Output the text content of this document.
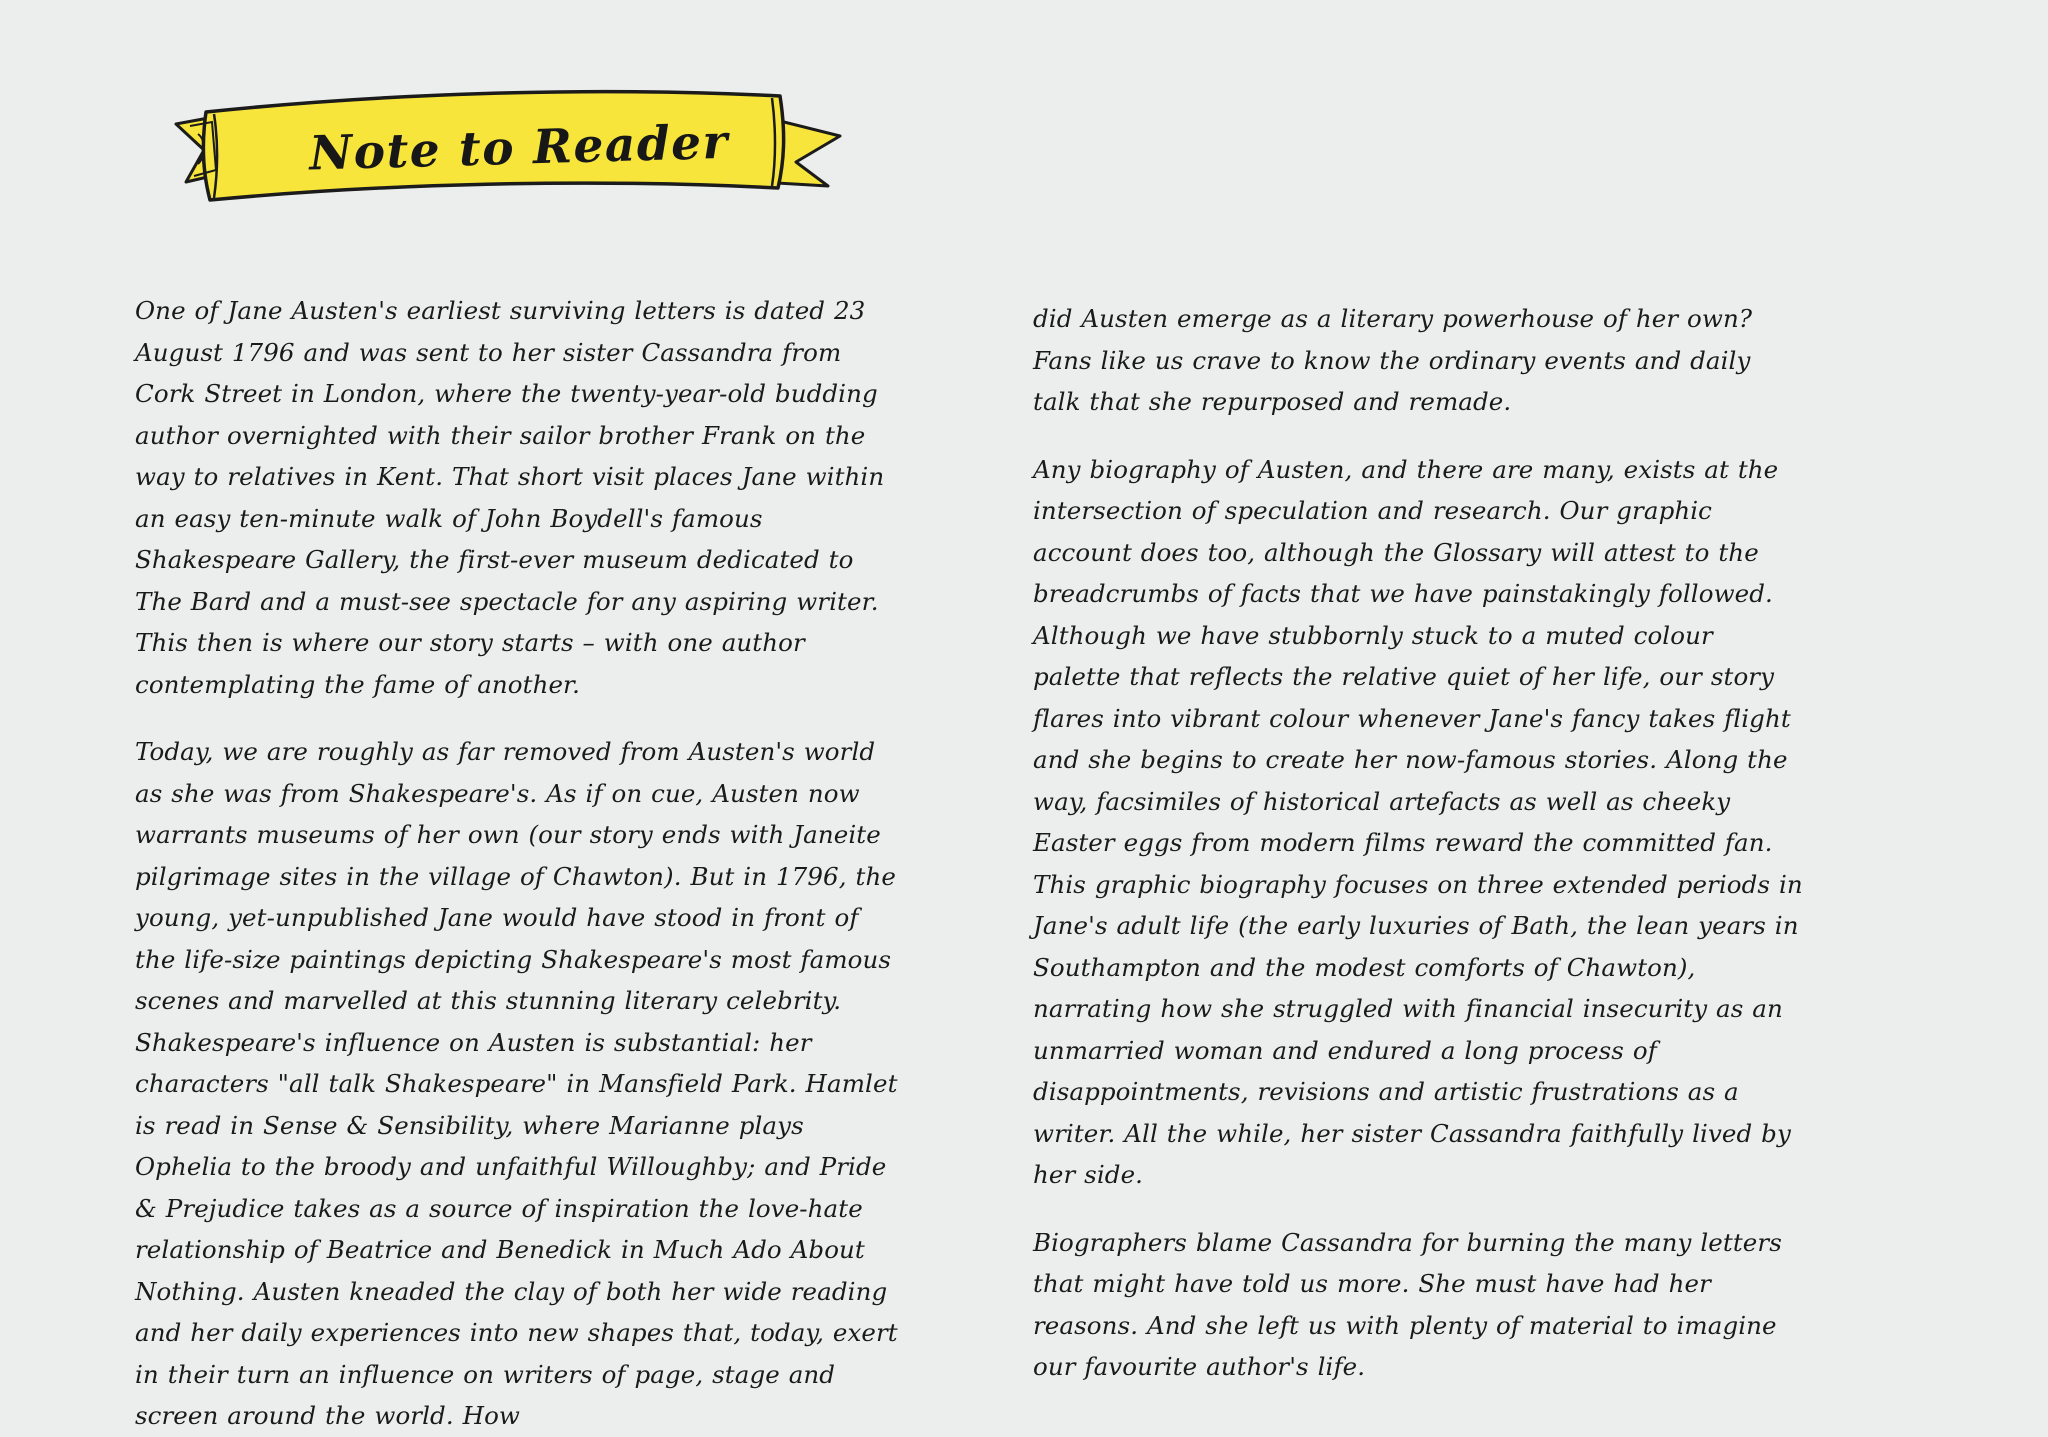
Note to Reader

One of Jane Austen's earliest surviving letters is dated 23 August 1796 and was sent to her sister Cassandra from Cork Street in London, where the twenty-year-old budding author overnighted with their sailor brother Frank on the way to relatives in Kent. That short visit places Jane within an easy ten-minute walk of John Boydell's famous Shakespeare Gallery, the first-ever museum dedicated to The Bard and a must-see spectacle for any aspiring writer. This then is where our story starts – with one author contemplating the fame of another.

Today, we are roughly as far removed from Austen's world as she was from Shakespeare's. As if on cue, Austen now warrants museums of her own (our story ends with Janeite pilgrimage sites in the village of Chawton). But in 1796, the young, yet-unpublished Jane would have stood in front of the life-size paintings depicting Shakespeare's most famous scenes and marvelled at this stunning literary celebrity. Shakespeare's influence on Austen is substantial: her characters "all talk Shakespeare" in Mansfield Park. Hamlet is read in Sense & Sensibility, where Marianne plays Ophelia to the broody and unfaithful Willoughby; and Pride & Prejudice takes as a source of inspiration the love-hate relationship of Beatrice and Benedick in Much Ado About Nothing. Austen kneaded the clay of both her wide reading and her daily experiences into new shapes that, today, exert in their turn an influence on writers of page, stage and screen around the world. How

did Austen emerge as a literary powerhouse of her own? Fans like us crave to know the ordinary events and daily talk that she repurposed and remade.

Any biography of Austen, and there are many, exists at the intersection of speculation and research. Our graphic account does too, although the Glossary will attest to the breadcrumbs of facts that we have painstakingly followed. Although we have stubbornly stuck to a muted colour palette that reflects the relative quiet of her life, our story flares into vibrant colour whenever Jane's fancy takes flight and she begins to create her now-famous stories. Along the way, facsimiles of historical artefacts as well as cheeky Easter eggs from modern films reward the committed fan. This graphic biography focuses on three extended periods in Jane's adult life (the early luxuries of Bath, the lean years in Southampton and the modest comforts of Chawton), narrating how she struggled with financial insecurity as an unmarried woman and endured a long process of disappointments, revisions and artistic frustrations as a writer. All the while, her sister Cassandra faithfully lived by her side.

Biographers blame Cassandra for burning the many letters that might have told us more. She must have had her reasons. And she left us with plenty of material to imagine our favourite author's life.
